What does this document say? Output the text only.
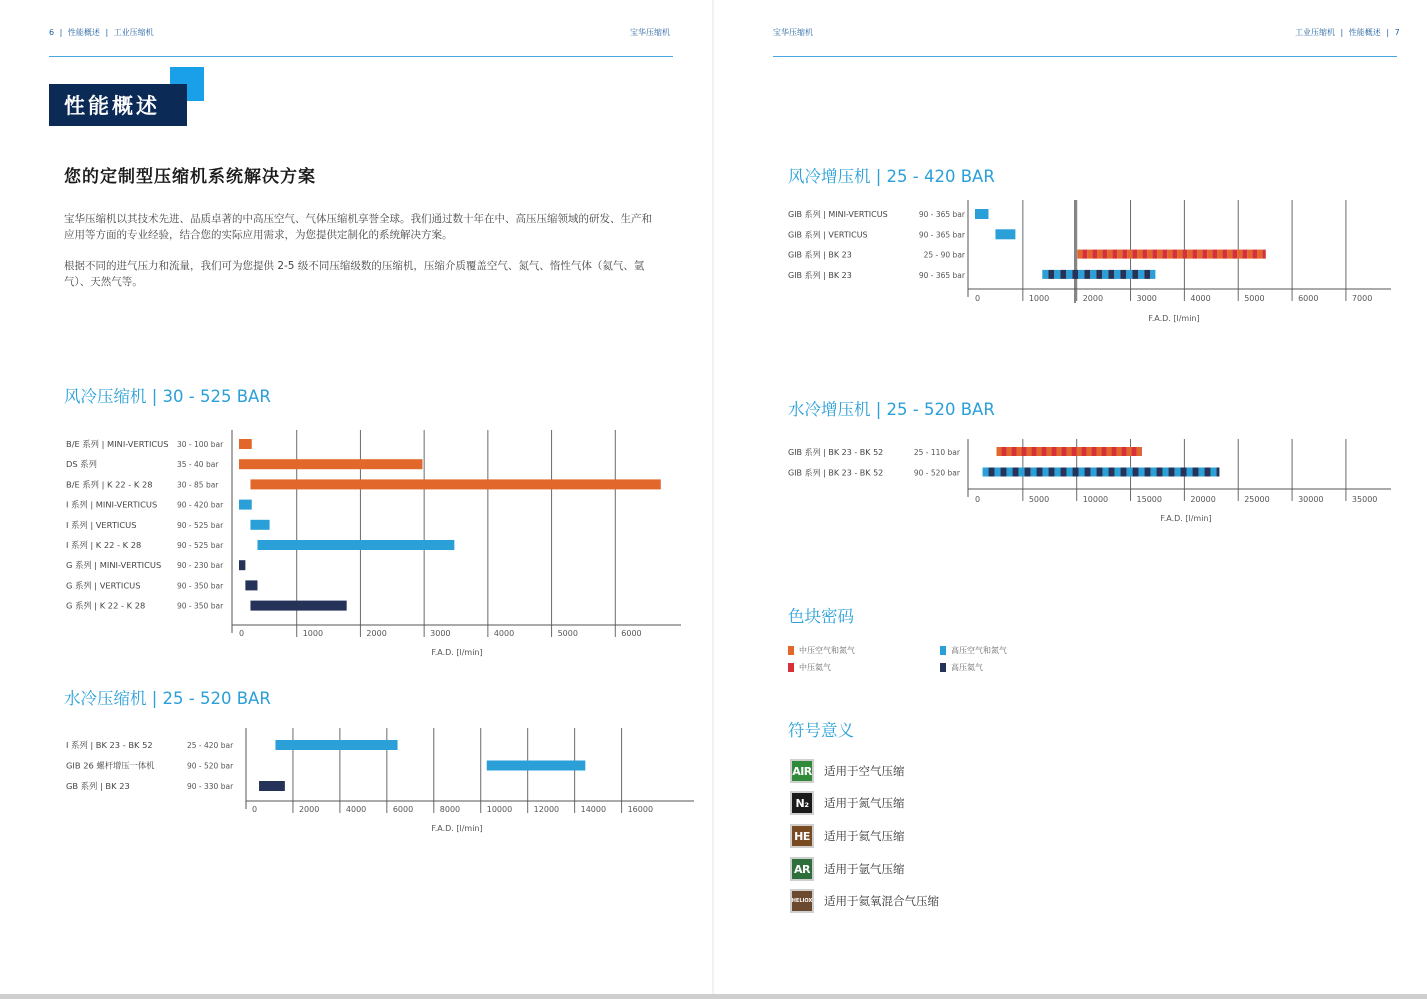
6 | 性能概述 | 工业压缩机	宝华压缩机
性能概述
您的定制型压缩机系统解决方案
宝华压缩机以其技术先进、品质卓著的中高压空气、气体压缩机享誉全球。我们通过数十年在中、高压压缩领域的研发、生产和应用等方面的专业经验，结合您的实际应用需求，为您提供定制化的系统解决方案。
根据不同的进气压力和流量，我们可为您提供 2-5 级不同压缩级数的压缩机，压缩介质覆盖空气、氮气、惰性气体（氦气、氩气）、天然气等。
风冷压缩机 | 30 - 525 BAR
0	1000	2000	3000	4000	5000	6000
F.A.D. [l/min]
B/E 系列 | MINI-VERTICUS 30 - 100 bar
DS 系列	35 - 40 bar
B/E 系列 | K 22 - K 28	30 - 85 bar
I 系列 | MINI-VERTICUS	90 - 420 bar
I 系列 | VERTICUS	90 - 525 bar
I 系列 | K 22 - K 28	90 - 525 bar
G 系列 | MINI-VERTICUS 90 - 230 bar
G 系列 | VERTICUS	90 - 350 bar
G 系列 | K 22 - K 28	90 - 350 bar
水冷压缩机 | 25 - 520 BAR
0	2000	4000	6000	8000	10000	12000	14000	16000
F.A.D. [l/min]
I 系列 | BK 23 - BK 52	25 - 420 bar
GIB 26 螺杆增压一体机	90 - 520 bar
GB 系列 | BK 23	90 - 330 bar
宝华压缩机	工业压缩机 | 性能概述 | 7
风冷增压机 | 25 - 420 BAR
水冷增压机 | 25 - 520 BAR
色块密码
中压空气和氮气	高压空气和氮气
中压氦气	高压氦气
符号意义
0	1000	2000	3000	4000	5000	6000	7000
F.A.D. [l/min]
GIB 系列 | MINI-VERTICUS	90 - 365 bar
GIB 系列 | VERTICUS	90 - 365 bar
GIB 系列 | BK 23	25 - 90 bar
GIB 系列 | BK 23	90 - 365 bar
0	5000	10000	15000	20000	25000	30000	35000
F.A.D. [l/min]
GIB 系列 | BK 23 - BK 52	25 - 110 bar
GIB 系列 | BK 23 - BK 52	90 - 520 bar
AIR 适用于空气压缩
N₂	适用于氮气压缩
HE	适用于氦气压缩
AR	适用于氩气压缩
HELIOX 适用于氦氧混合气压缩
